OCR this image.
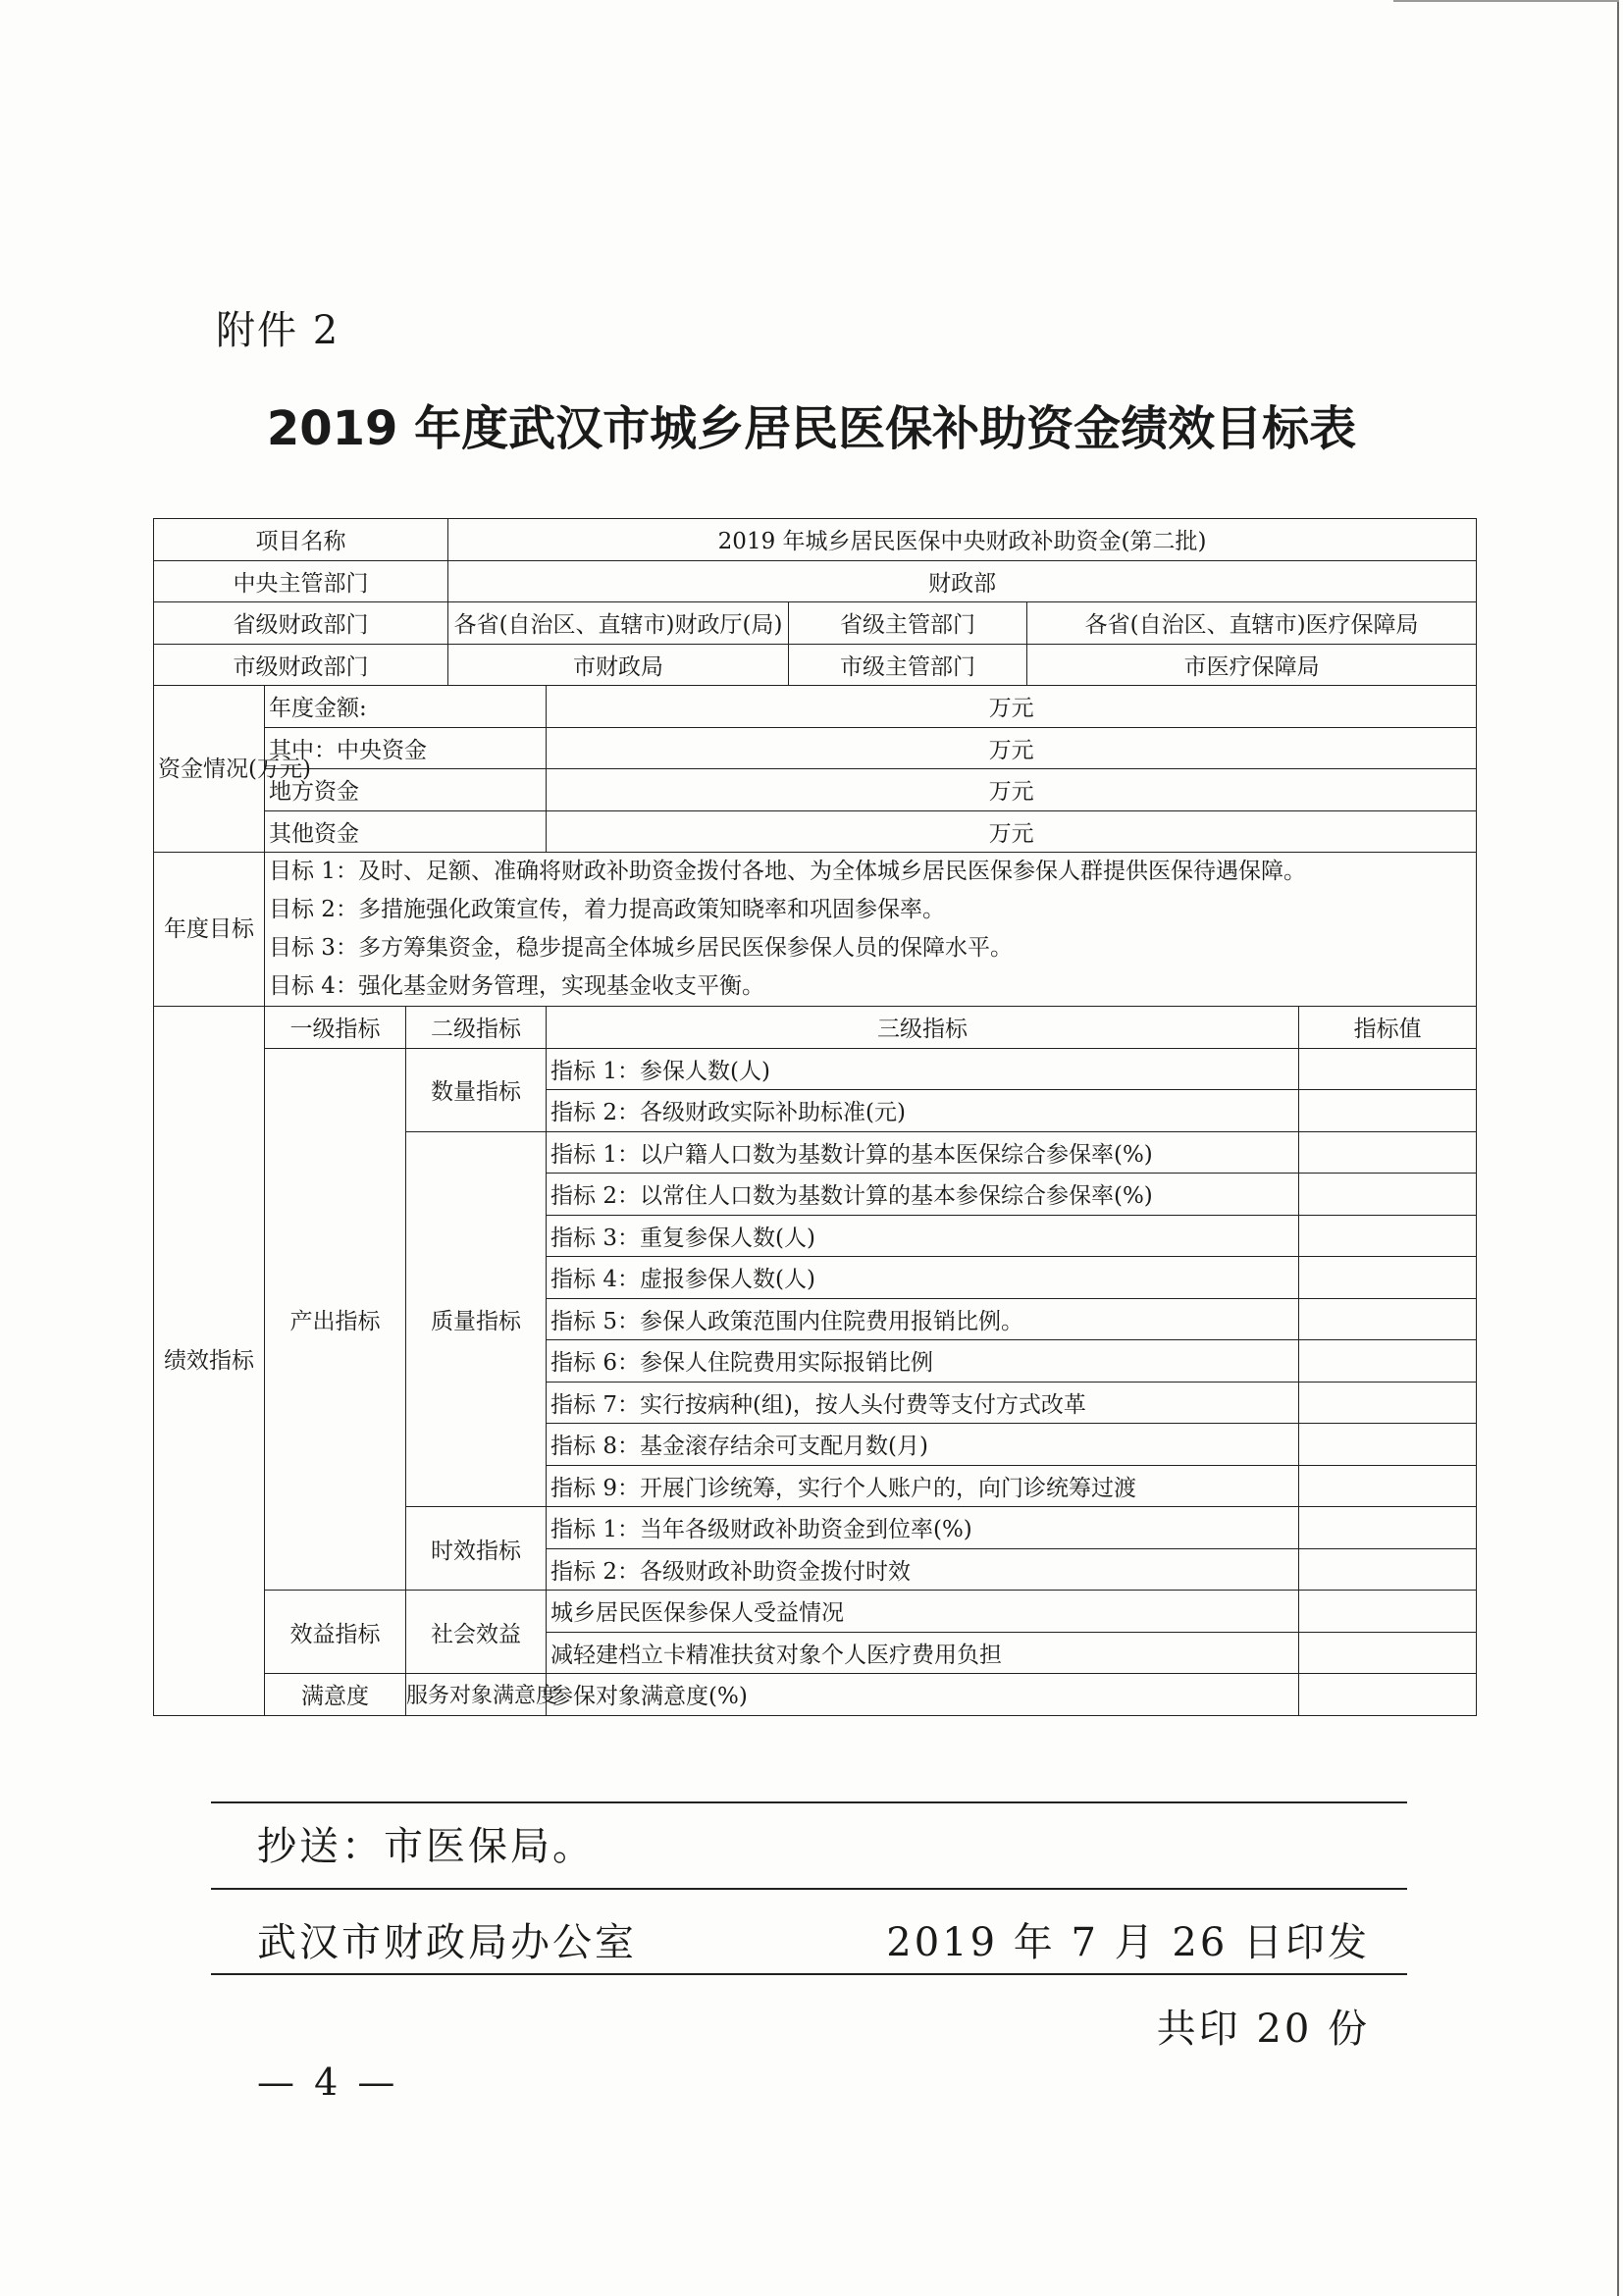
附件 2
2019 年度武汉市城乡居民医保补助资金绩效目标表
项目名称			2019 年城乡居民医保中央财政补助资金(第二批)				
中央主管部门			财政部				
省级财政部门			各省(自治区、直辖市)财政厅(局)		省级主管部门	各省(自治区、直辖市)医疗保障局	
市级财政部门			市财政局		市级主管部门	市医疗保障局	
资金情况(万元)	年度金额:			万元			
	其中：中央资金			万元			
	地方资金			万元			
	其他资金			万元			
年度目标	目标 1：及时、足额、准确将财政补助资金拨付各地、为全体城乡居民医保参保人群提供医保待遇保障。
目标 2：多措施强化政策宣传，着力提高政策知晓率和巩固参保率。
目标 3：多方筹集资金，稳步提高全体城乡居民医保参保人员的保障水平。
目标 4：强化基金财务管理，实现基金收支平衡。						

绩效指标	一级指标	二级指标		三级指标			指标值
	产出指标	数量指标		指标 1：参保人数(人)			
				指标 2：各级财政实际补助标准(元)			
		质量指标		指标 1：以户籍人口数为基数计算的基本医保综合参保率(%)			
				指标 2：以常住人口数为基数计算的基本参保综合参保率(%)			
				指标 3：重复参保人数(人)			
				指标 4：虚报参保人数(人)			
				指标 5：参保人政策范围内住院费用报销比例。			
				指标 6：参保人住院费用实际报销比例			
				指标 7：实行按病种(组)，按人头付费等支付方式改革			
				指标 8：基金滚存结余可支配月数(月)			
				指标 9：开展门诊统筹，实行个人账户的，向门诊统筹过渡			
		时效指标		指标 1：当年各级财政补助资金到位率(%)			
				指标 2：各级财政补助资金拨付时效			
	效益指标	社会效益		城乡居民医保参保人受益情况			
				减轻建档立卡精准扶贫对象个人医疗费用负担			
	满意度	服务对象满意度		参保对象满意度(%)			
抄送：市医保局。
武汉市财政局办公室	2019 年 7 月 26 日印发
共印 20 份
— 4 —
